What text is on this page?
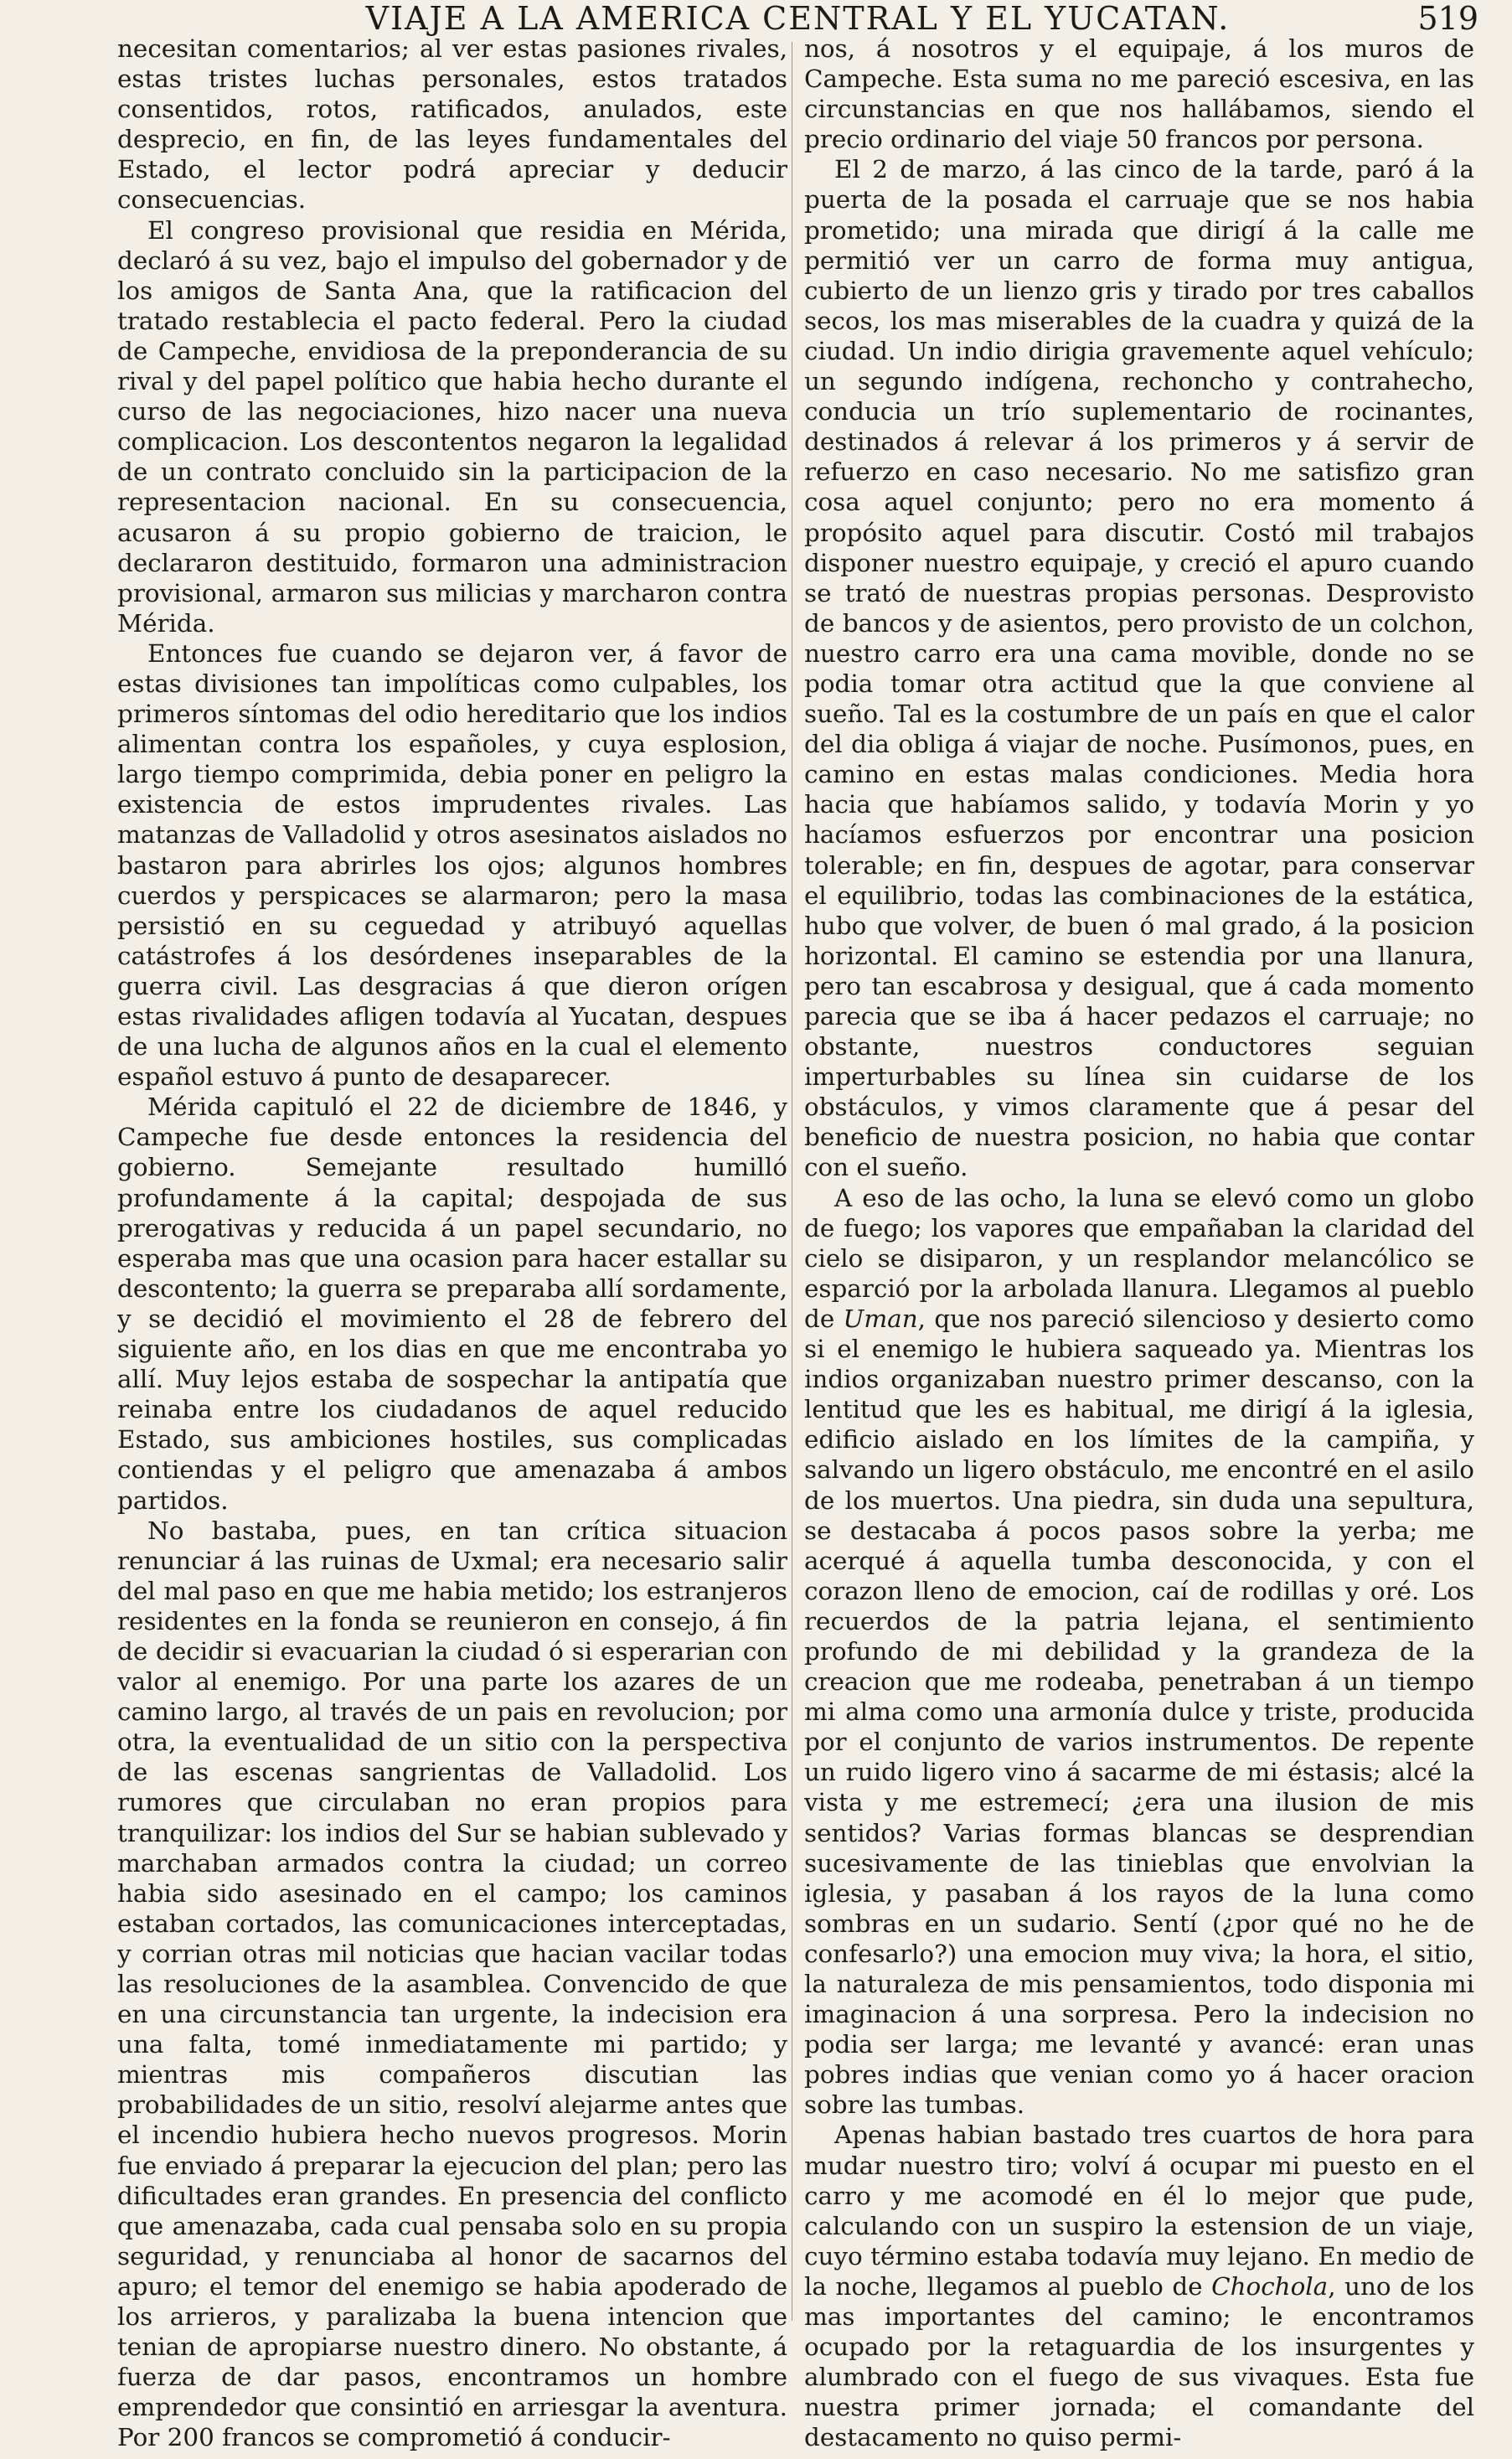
VIAJE A LA AMERICA CENTRAL Y EL YUCATAN.	519

necesitan comentarios; al ver estas pasiones rivales, estas tristes luchas personales, estos tratados consentidos, rotos, ratificados, anulados, este desprecio, en fin, de las leyes fundamentales del Estado, el lector podrá apreciar y deducir consecuencias.

El congreso provisional que residia en Mérida, declaró á su vez, bajo el impulso del gobernador y de los amigos de Santa Ana, que la ratificacion del tratado restablecia el pacto federal. Pero la ciudad de Campeche, envidiosa de la preponderancia de su rival y del papel político que habia hecho durante el curso de las negociaciones, hizo nacer una nueva complicacion. Los descontentos negaron la legalidad de un contrato concluido sin la participacion de la representacion nacional. En su consecuencia, acusaron á su propio gobierno de traicion, le declararon destituido, formaron una administracion provisional, armaron sus milicias y marcharon contra Mérida.

Entonces fue cuando se dejaron ver, á favor de estas divisiones tan impolíticas como culpables, los primeros síntomas del odio hereditario que los indios alimentan contra los españoles, y cuya esplosion, largo tiempo comprimida, debia poner en peligro la existencia de estos imprudentes rivales. Las matanzas de Valladolid y otros asesinatos aislados no bastaron para abrirles los ojos; algunos hombres cuerdos y perspicaces se alarmaron; pero la masa persistió en su ceguedad y atribuyó aquellas catástrofes á los desórdenes inseparables de la guerra civil. Las desgracias á que dieron orígen estas rivalidades afligen todavía al Yucatan, despues de una lucha de algunos años en la cual el elemento español estuvo á punto de desaparecer.

Mérida capituló el 22 de diciembre de 1846, y Campeche fue desde entonces la residencia del gobierno. Semejante resultado humilló profundamente á la capital; despojada de sus prerogativas y reducida á un papel secundario, no esperaba mas que una ocasion para hacer estallar su descontento; la guerra se preparaba allí sordamente, y se decidió el movimiento el 28 de febrero del siguiente año, en los dias en que me encontraba yo allí. Muy lejos estaba de sospechar la antipatía que reinaba entre los ciudadanos de aquel reducido Estado, sus ambiciones hostiles, sus complicadas contiendas y el peligro que amenazaba á ambos partidos.

No bastaba, pues, en tan crítica situacion renunciar á las ruinas de Uxmal; era necesario salir del mal paso en que me habia metido; los estranjeros residentes en la fonda se reunieron en consejo, á fin de decidir si evacuarian la ciudad ó si esperarian con valor al enemigo. Por una parte los azares de un camino largo, al través de un pais en revolucion; por otra, la eventualidad de un sitio con la perspectiva de las escenas sangrientas de Valladolid. Los rumores que circulaban no eran propios para tranquilizar: los indios del Sur se habian sublevado y marchaban armados contra la ciudad; un correo habia sido asesinado en el campo; los caminos estaban cortados, las comunicaciones interceptadas, y corrian otras mil noticias que hacian vacilar todas las resoluciones de la asamblea. Convencido de que en una circunstancia tan urgente, la indecision era una falta, tomé inmediatamente mi partido; y mientras mis compañeros discutian las probabilidades de un sitio, resolví alejarme antes que el incendio hubiera hecho nuevos progresos. Morin fue enviado á preparar la ejecucion del plan; pero las dificultades eran grandes. En presencia del conflicto que amenazaba, cada cual pensaba solo en su propia seguridad, y renunciaba al honor de sacarnos del apuro; el temor del enemigo se habia apoderado de los arrieros, y paralizaba la buena intencion que tenian de apropiarse nuestro dinero. No obstante, á fuerza de dar pasos, encontramos un hombre emprendedor que consintió en arriesgar la aventura. Por 200 francos se comprometió á conducir-

nos, á nosotros y el equipaje, á los muros de Campeche. Esta suma no me pareció escesiva, en las circunstancias en que nos hallábamos, siendo el precio ordinario del viaje 50 francos por persona.

El 2 de marzo, á las cinco de la tarde, paró á la puerta de la posada el carruaje que se nos habia prometido; una mirada que dirigí á la calle me permitió ver un carro de forma muy antigua, cubierto de un lienzo gris y tirado por tres caballos secos, los mas miserables de la cuadra y quizá de la ciudad. Un indio dirigia gravemente aquel vehículo; un segundo indígena, rechoncho y contrahecho, conducia un trío suplementario de rocinantes, destinados á relevar á los primeros y á servir de refuerzo en caso necesario. No me satisfizo gran cosa aquel conjunto; pero no era momento á propósito aquel para discutir. Costó mil trabajos disponer nuestro equipaje, y creció el apuro cuando se trató de nuestras propias personas. Desprovisto de bancos y de asientos, pero provisto de un colchon, nuestro carro era una cama movible, donde no se podia tomar otra actitud que la que conviene al sueño. Tal es la costumbre de un país en que el calor del dia obliga á viajar de noche. Pusímonos, pues, en camino en estas malas condiciones. Media hora hacia que habíamos salido, y todavía Morin y yo hacíamos esfuerzos por encontrar una posicion tolerable; en fin, despues de agotar, para conservar el equilibrio, todas las combinaciones de la estática, hubo que volver, de buen ó mal grado, á la posicion horizontal. El camino se estendia por una llanura, pero tan escabrosa y desigual, que á cada momento parecia que se iba á hacer pedazos el carruaje; no obstante, nuestros conductores seguian imperturbables su línea sin cuidarse de los obstáculos, y vimos claramente que á pesar del beneficio de nuestra posicion, no habia que contar con el sueño.

A eso de las ocho, la luna se elevó como un globo de fuego; los vapores que empañaban la claridad del cielo se disiparon, y un resplandor melancólico se esparció por la arbolada llanura. Llegamos al pueblo de Uman, que nos pareció silencioso y desierto como si el enemigo le hubiera saqueado ya. Mientras los indios organizaban nuestro primer descanso, con la lentitud que les es habitual, me dirigí á la iglesia, edificio aislado en los límites de la campiña, y salvando un ligero obstáculo, me encontré en el asilo de los muertos. Una piedra, sin duda una sepultura, se destacaba á pocos pasos sobre la yerba; me acerqué á aquella tumba desconocida, y con el corazon lleno de emocion, caí de rodillas y oré. Los recuerdos de la patria lejana, el sentimiento profundo de mi debilidad y la grandeza de la creacion que me rodeaba, penetraban á un tiempo mi alma como una armonía dulce y triste, producida por el conjunto de varios instrumentos. De repente un ruido ligero vino á sacarme de mi éstasis; alcé la vista y me estremecí; ¿era una ilusion de mis sentidos? Varias formas blancas se desprendian sucesivamente de las tinieblas que envolvian la iglesia, y pasaban á los rayos de la luna como sombras en un sudario. Sentí (¿por qué no he de confesarlo?) una emocion muy viva; la hora, el sitio, la naturaleza de mis pensamientos, todo disponia mi imaginacion á una sorpresa. Pero la indecision no podia ser larga; me levanté y avancé: eran unas pobres indias que venian como yo á hacer oracion sobre las tumbas.

Apenas habian bastado tres cuartos de hora para mudar nuestro tiro; volví á ocupar mi puesto en el carro y me acomodé en él lo mejor que pude, calculando con un suspiro la estension de un viaje, cuyo término estaba todavía muy lejano. En medio de la noche, llegamos al pueblo de Chochola, uno de los mas importantes del camino; le encontramos ocupado por la retaguardia de los insurgentes y alumbrado con el fuego de sus vivaques. Esta fue nuestra primer jornada; el comandante del destacamento no quiso permi-
